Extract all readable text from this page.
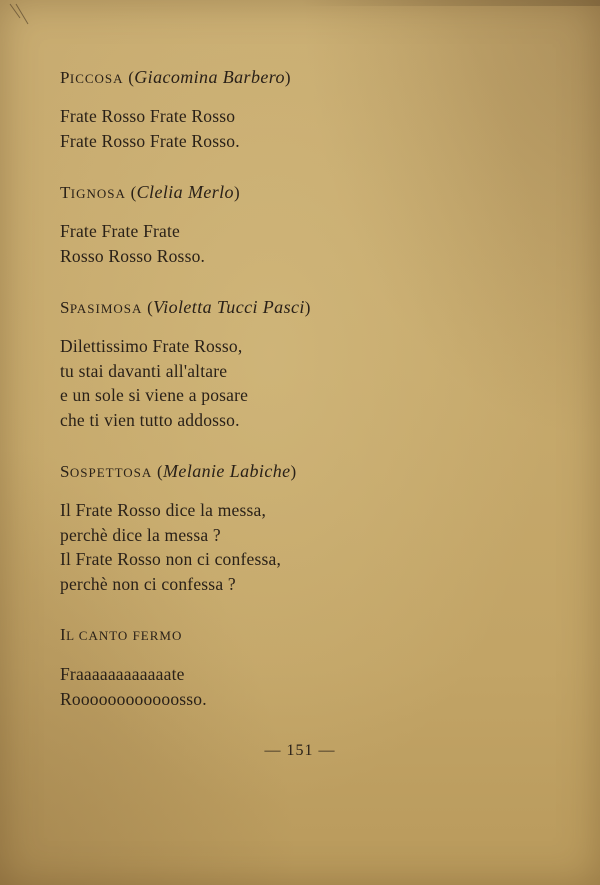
PICCOSA (Giacomina Barbero)

Frate Rosso Frate Rosso
Frate Rosso Frate Rosso.

TIGNOSA (Clelia Merlo)

Frate Frate Frate
Rosso Rosso Rosso.

SPASIMOSA (Violetta Tucci Pasci)

Dilettissimo Frate Rosso,
tu stai davanti all'altare
e un sole si viene a posare
che ti vien tutto addosso.

SOSPETTOSA (Melanie Labiche)

Il Frate Rosso dice la messa,
perchè dice la messa ?
Il Frate Rosso non ci confessa,
perchè non ci confessa ?

IL CANTO FERMO

Fraaaaaaaaaaaate
Roooooooooooosso.
— 151 —
